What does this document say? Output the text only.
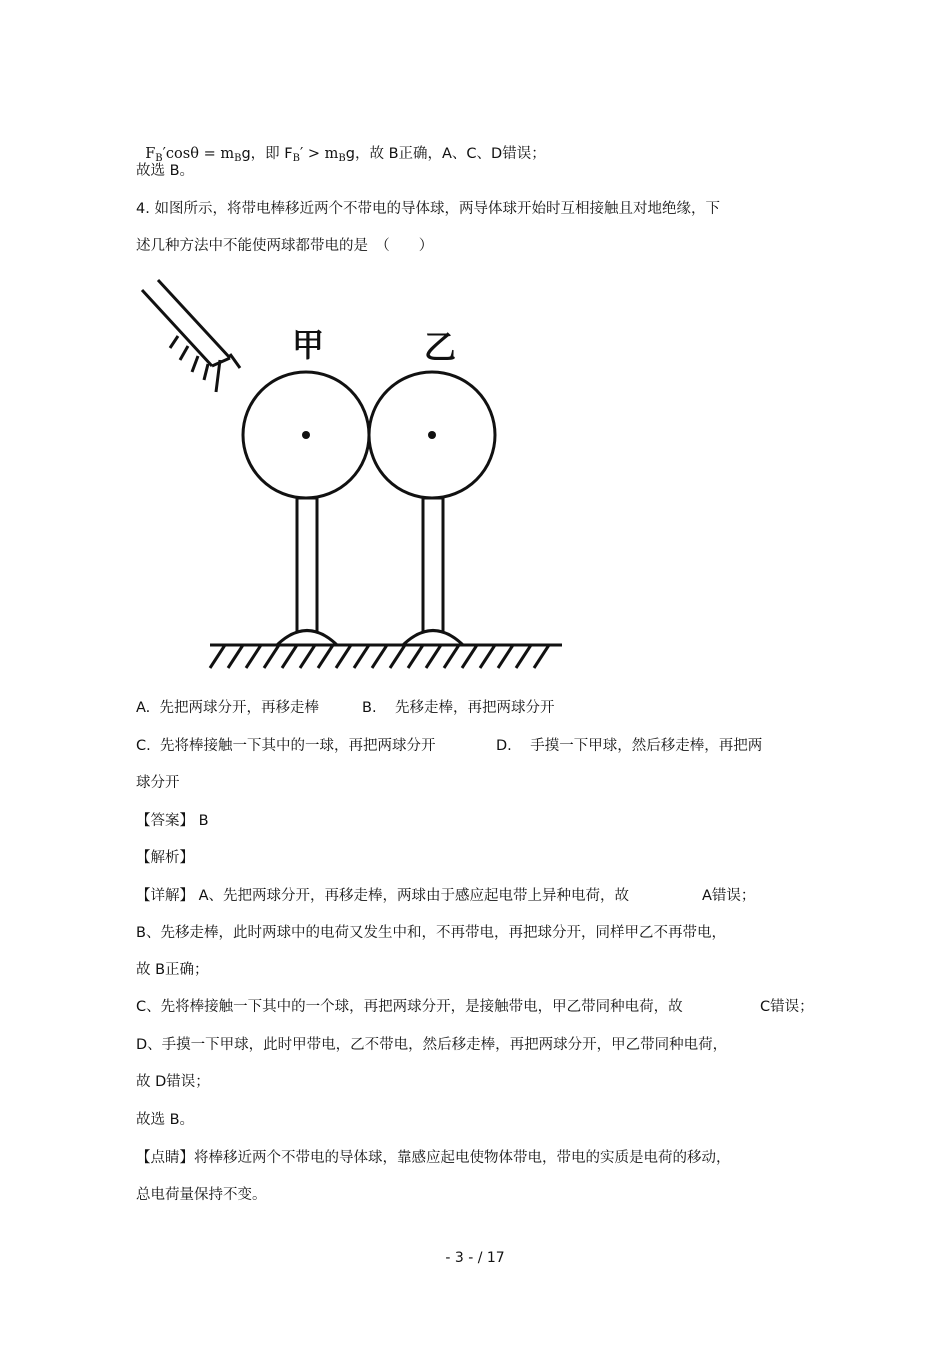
$F_B'\cos\theta = m_Bg$，即 $F_B' > m_Bg$，故 B正确，A、C、D错误；

故选 B。
4. 如图所示，将带电棒移近两个不带电的导体球，两导体球开始时互相接触且对地绝缘，下
述几种方法中不能使两球都带电的是　（　　）
甲	乙
A.  先把两球分开，再移走棒	B.    先移走棒，再把两球分开
C.  先将棒接触一下其中的一球，再把两球分开	D.    手摸一下甲球，然后移走棒，再把两
球分开
【答案】 B
【解析】
【详解】 A、先把两球分开，再移走棒，两球由于感应起电带上异种电荷，故	A错误；
B、先移走棒，此时两球中的电荷又发生中和，不再带电，再把球分开，同样甲乙不再带电，
故 B正确；
C、先将棒接触一下其中的一个球，再把两球分开，是接触带电，甲乙带同种电荷，故	C错误；
D、手摸一下甲球，此时甲带电，乙不带电，然后移走棒，再把两球分开，甲乙带同种电荷，
故 D错误；
故选 B。
【点睛】将棒移近两个不带电的导体球，靠感应起电使物体带电，带电的实质是电荷的移动，
总电荷量保持不变。
- 3 - / 17
